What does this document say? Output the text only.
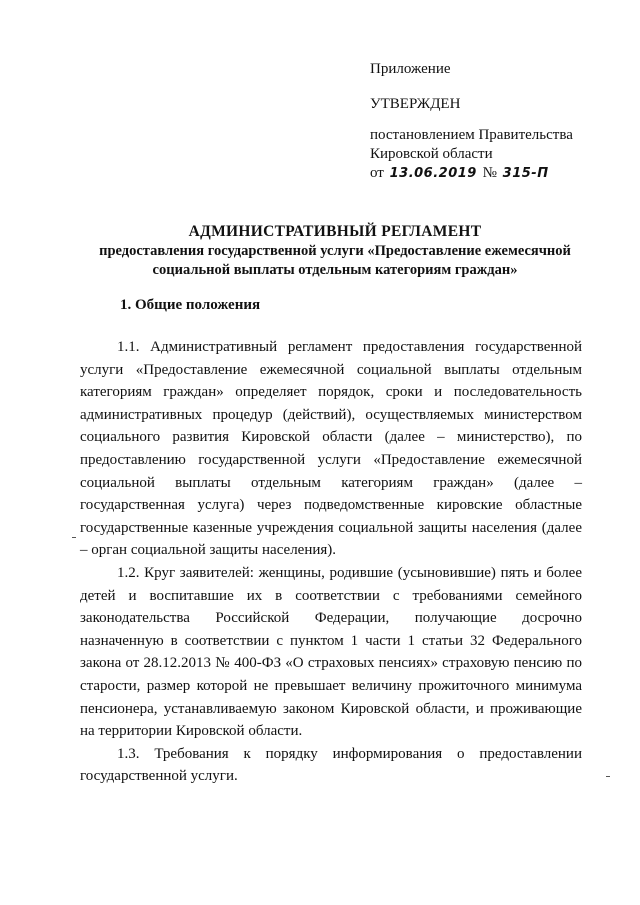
Приложение
УТВЕРЖДЕН
постановлением Правительства
Кировской области
от 13.06.2019 № 315-П
АДМИНИСТРАТИВНЫЙ РЕГЛАМЕНТ
предоставления государственной услуги «Предоставление ежемесячной социальной выплаты отдельным категориям граждан»
1. Общие положения

1.1. Административный регламент предоставления государственной услуги «Предоставление ежемесячной социальной выплаты отдельным категориям граждан» определяет порядок, сроки и последовательность административных процедур (действий), осуществляемых министерством социального развития Кировской области (далее – министерство), по предоставлению государственной услуги «Предоставление ежемесячной социальной выплаты отдельным категориям граждан» (далее – государственная услуга) через подведомственные кировские областные государственные казенные учреждения социальной защиты населения (далее – орган социальной защиты населения).

1.2. Круг заявителей: женщины, родившие (усыновившие) пять и более детей и воспитавшие их в соответствии с требованиями семейного законодательства Российской Федерации, получающие досрочно назначенную в соответствии с пунктом 1 части 1 статьи 32 Федерального закона от 28.12.2013 № 400-ФЗ «О страховых пенсиях» страховую пенсию по старости, размер которой не превышает величину прожиточного минимума пенсионера, устанавливаемую законом Кировской области, и проживающие на территории Кировской области.

1.3. Требования к порядку информирования о предоставлении государственной услуги.
